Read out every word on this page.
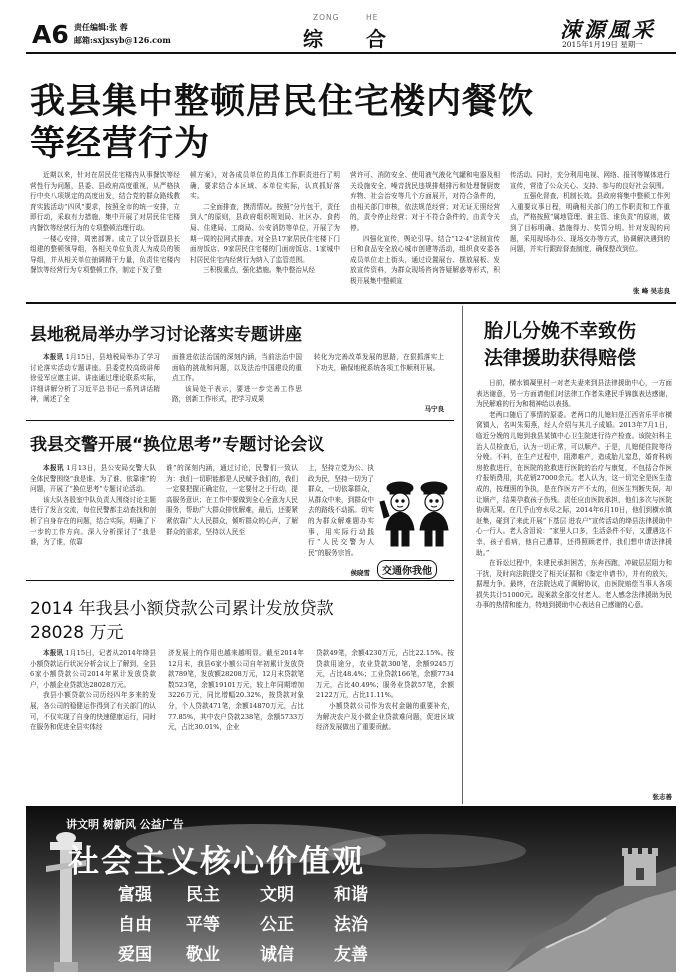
A6 责任编辑:张 蓉
邮箱:sxjxsyb@126.com
ZONG	HE
综 合	涑源風采
2015年1月19日 星期一
我县集中整顿居民住宅楼内餐饮
等经营行为

近期以来，针对在居民住宅楼内从事餐饮等经营性行为问题，县委、县政府高度重视，从严格执行中央八项规定的高度出发，结合党的群众路线教育实践活动“四风”要求，按照全市的统一安排，立即行动，采取有力措施，集中开展了对居民住宅楼内餐饮等经营行为的专项整顿治理行动。

一楼心安排，周密部署。成立了以分管副县长组建的整顿领导组，各相关单位负责人为成员的领导组，并从相关单位抽调精干力量，负责住宅楼内餐饮等经营行为专项整顿工作，制定下发了整

顿方案》，对各成员单位的具体工作职责进行了明确，要求结合本区域、本单位实际，认真抓好落实。

二全面排查，摸清情况。按照“分片包干，责任到人”的原则，县政府组织规划局、社区办、食药局、住建局、工商局、公安消防等单位，开展了为期一周的拉网式排查。对全县17家居民住宅楼下门面房饭店、9家居民住宅楼的门面房饭店、1家城中村居民住宅内经营行为纳入了监管范围。

三积极重点，强化措施。集中整治从经

营许可、消防安全、使用液气液化气罐和电器及相关设施安全、噪音扰民违规排烟排污和处理餐厨废弃物、社会治安等几个方面展开，对符合条件的，由相关部门审核，依法规范经营；对无证无照经营的，责令停止经营；对于不符合条件的，由责令关停。

四强化宣传，舆论引导。结合“12·4”法制宣传日和食品安全放心城市创建等活动，组织食安委各成员单位走上街头，通过设置展台、摆放展板、发放宣传资料，为群众现场咨询答疑解惑等形式，积极开展集中整顿宣

传活动。同时，充分利用电视、网络、报刊等媒体进行宣传，营造了公众关心、支持、参与的良好社会氛围。

五强化督查，机制长效。县政府将集中整顿工作列入重要议事日程，明确相关部门的工作职责和工作重点，严格按照“属地管理、谁主管、谁负责”的原则，做到了目标明确、措施得力、奖罚分明。针对发现的问题，采用现场办公、现场交办等方式，协调解决遇到的问题，并实行跟踪督查制度，确保整改到位。

张 峰 吴志良
县地税局举办学习讨论落实专题讲座

本报讯 1月15日，县地税局举办了学习讨论落实活动专题讲座。县委党校高级讲师徐爱军应邀主讲。讲座通过理论联系实际，详细讲解分析了习近平总书记一系列讲话精神，阐述了全

面推进依法治国的深刻内涵，当前法治中国面临的挑战和问题，以及法治中国建设的重点工作。

该局处干表示，要进一步完善工作思路，创新工作形式，把学习成果

转化为完善改革发展的思路，在狠抓落实上下功夫，确保地税系统各项工作顺利开展。

马宁良
胎儿分娩不幸致伤
法律援助获得赔偿

日前，横水镇凝里村一对老夫妻来到县法律援助中心，一方面表达谢意，另一方面请他们对法律工作者朱建民手锦旗表达感谢，为民解难的行为和精神给以表扬。

老两口随后了事情的原委。老两口的儿媳妇是江西省乐平市横窝镇人，名叫朱菊燕，经人介绍与其儿子成婚。2013年7月1日，临近分娩的儿媳到我县某镇中心卫生院进行待产检查。该院妇科主治人员检查后，认为一切正常，可以顺产。于是，儿媳便住院等待分娩。不料，在生产过程中，阻滞难产，造成胎儿窒息，婚育科病房抢救进行，在医院的抢救进行医院的治疗与康复，不包括合作医疗报销费用，共花销27000余元。老人认为，这一切完全是医生造成的，按理照的争执，是在作医方产不太的，但医生判断失误，却让顺产，结果孕救孩子伤残。责任应由医院承担，他们多次与医院协调无果。在几乎山穷水尽之际，2014年6月10日，他们到横水镇赶集，碰到了来此开展“下基层 进农户”宣传活动的绛县法律援助中心一行人。老人含泪说：“家里人口多，生活条件不好，又遭遇这不幸，孩子看病，他自己遭罪，还得照顾老伴，我们想申请法律援助。”

在诉讼过程中，朱建民承担困苦，东奔西跑，冲破层层阻力和干扰，及时向法院提交了相关证据和《鉴定申请书》，并有的放矢，据理力争。最终，在法院达成了调解协议，由医院赔偿当事人各项损失共计51000元。现案款全部交付老人。老人感念法律援助为民办事的热情和能力，特地到援助中心表达自己感谢的心意。

张志善
我县交警开展“换位思考”专题讨论会议

本报讯 1月13日，县公安局交警大队全体民警围绕“我是谁、为了谁、依靠谁”的问题，开展了“换位思考”专题讨论活动。

该大队各股室中队负责人围绕讨论主题进行了发言交流，每位民警都主动查找和剖析了自身存在的问题，结合实际，明确了下一步的工作方向。深入分析探讨了“我是谁，为了谁，依靠

谁”的深刻内涵，通过讨论，民警们一致认为：我们一切职能都是人民赋予我们的，我们一定要把握正确定位，一定要付之于行动，提高服务意识；在工作中要做到全心全意为人民服务，帮助广大群众排忧解难，最后，还要紧紧依靠广大人民群众，倾听群众的心声，了解群众的需求，坚持以人民至

上，坚持立党为公、执政为民，坚持一切为了群众，一切依靠群众，从群众中来，到群众中去的路线不动摇。切实的为群众解难题办实事，用实际行动践行“人民交警为人民”的服务宗旨。

侯晓雪	交通你我他
2014 年我县小额贷款公司累计发放贷款
28028 万元

本报讯 1月15日，记者从2014年绛县小额贷款运行状况分析会议上了解到，全县6家小额贷款公司2014年累计发放贷款户，小额企业贷款达28028万元。

我县小额贷款公司历经四年多来的发展，各公司的稳健运作得到了有关部门的认可，不仅实现了自身的快速健康运行，同时在服务和促进全县实体经

济发展上的作用也越来越明显。截至2014年12月末，我县6家小额公司自年初累计发放贷款789笔，发放额28208万元，12月末贷款笔数523笔，余额19101万元，较上年同期增加3226万元，同比增幅20.32%，按贷款对象分，个人贷款471笔，余额14870万元，占比77.85%，其中农户贷款238笔，余额5733万元，占比30.01%，企业

贷款49笔，余额4230万元，占比22.15%。按贷款用途分，农业贷款300笔，余额9245万元，占比48.4%；工业贷款166笔，余额7734万元，占比40.49%；服务业贷款57笔，余额2122万元，占比11.11%。

小额贷款公司作为农村金融的重要补充，为解决农户及小微企业贷款难问题，促进区域经济发展做出了重要贡献。

讲文明 树新风 公益广告
社会主义核心价值观
富强 民主 文明 和谐
自由 平等 公正 法治
爱国 敬业 诚信 友善
